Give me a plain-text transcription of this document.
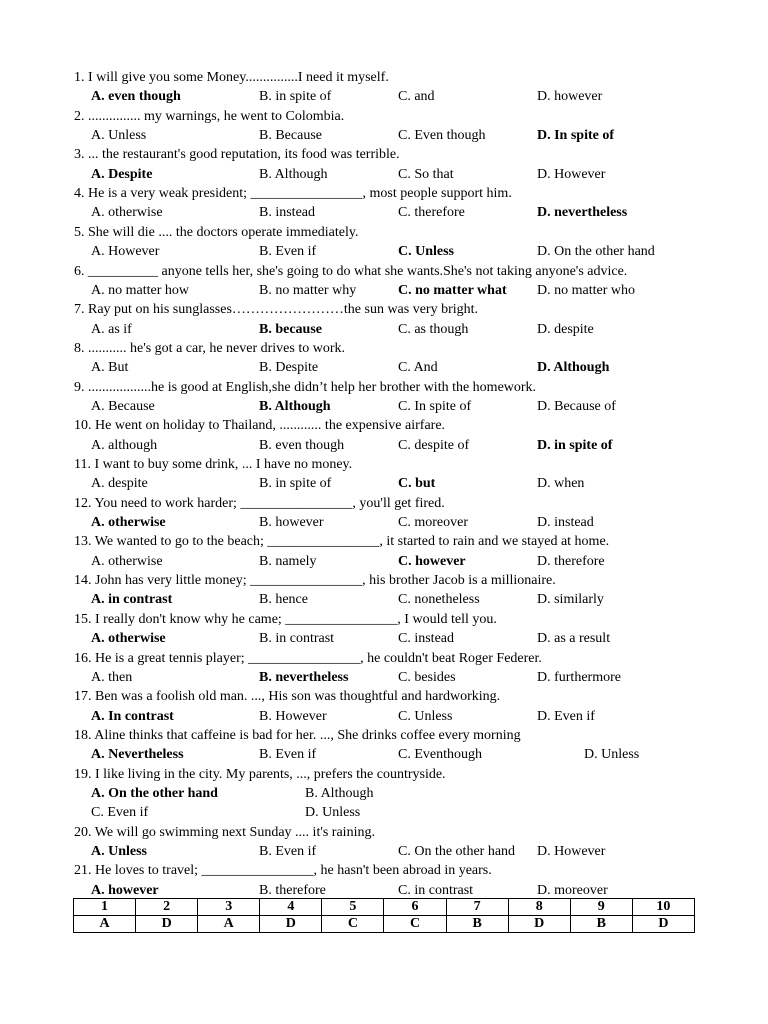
1. I will give you some Money...............I need it myself.
A. even though	B. in spite of	C. and	D. however
2. ............... my warnings, he went to Colombia.
A. Unless	B. Because	C. Even though	D. In spite of
3. ... the restaurant's good reputation, its food was terrible.
A. Despite	B. Although	C. So that	D. However
4. He is a very weak president; ________________, most people support him.
A. otherwise	B. instead	C. therefore	D. nevertheless
5. She will die .... the doctors operate immediately.
A. However	B. Even if	C. Unless	D. On the other hand
6. __________ anyone tells her, she's going to do what she wants.She's not taking anyone's advice.
A. no matter how	B. no matter why	C. no matter what D. no matter who
7. Ray put on his sunglasses……………………the sun was very bright.
A. as if	B. because	C. as though	D. despite
8. ........... he's got a car, he never drives to work.
A. But	B. Despite	C. And	D. Although
9. ..................he is good at English,she didn’t help her brother with the homework.
A. Because	B. Although	C. In spite of	D. Because of
10. He went on holiday to Thailand, ............ the expensive airfare.
A. although	B. even though	C. despite of	D. in spite of
11. I want to buy some drink, ... I have no money.
A. despite	B. in spite of	C. but	D. when
12. You need to work harder; ________________, you'll get fired.
A. otherwise	B. however	C. moreover	D. instead
13. We wanted to go to the beach; ________________, it started to rain and we stayed at home.
A. otherwise	B. namely	C. however	D. therefore
14. John has very little money; ________________, his brother Jacob is a millionaire.
A. in contrast	B. hence	C. nonetheless	D. similarly
15. I really don't know why he came; ________________, I would tell you.
A. otherwise	B. in contrast	C. instead	D. as a result
16. He is a great tennis player; ________________, he couldn't beat Roger Federer.
A. then	B. nevertheless	C. besides	D. furthermore
17. Ben was a foolish old man. ..., His son was thoughtful and hardworking.
A. In contrast	B. However	C. Unless	D. Even if
18. Aline thinks that caffeine is bad for her. ..., She drinks coffee every morning
A. Nevertheless	B. Even if	C. Eventhough	D. Unless
19. I like living in the city. My parents, ..., prefers the countryside.
A. On the other hand	B. Although
C. Even if	D. Unless
20. We will go swimming next Sunday .... it's raining.
A. Unless	B. Even if	C. On the other hand D. However
21. He loves to travel; ________________, he hasn't been abroad in years.
A. however	B. therefore	C. in contrast	D. moreover
1	2	3	4	5	6	7	8	9	10
A	D	A	D	C	C	B	D	B	D
